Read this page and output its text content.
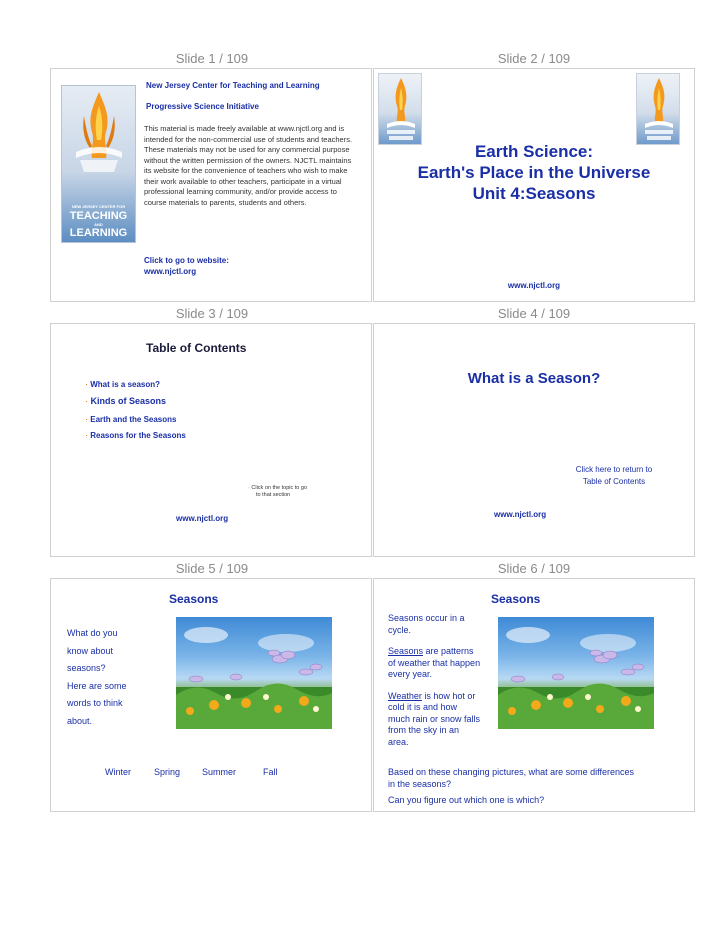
Slide 1 / 109	Slide 2 / 109
NEW JERSEY CENTER FOR
TEACHING
AND
LEARNING
New Jersey Center for Teaching and Learning
Progressive Science Initiative
This material is made freely available at www.njctl.org and is intended for the non-commercial use of students and teachers. These materials may not be used for any commercial purpose without the written permission of the owners. NJCTL maintains its website for the convenience of teachers who wish to make their work available to other teachers, participate in a virtual professional learning community, and/or provide access to course materials to parents, students and others.
Click to go to website:
www.njctl.org
Earth Science:
Earth's Place in the Universe
Unit 4:Seasons
www.njctl.org
Slide 3 / 109	Slide 4 / 109
Table of Contents
· What is a season?
· Kinds of Seasons
· Earth and the Seasons
· Reasons for the Seasons
· Click on the topic to go
to that section
www.njctl.org
What is a Season?
Click here to return to
Table of Contents
www.njctl.org
Slide 5 / 109	Slide 6 / 109
Seasons
What do you
know about
seasons?
Here are some
words to think
about.
Winter	Spring Summer	Fall
Seasons
Seasons occur in a
cycle.
Seasons are patterns
of weather that happen
every year.
Weather is how hot or
cold it is and how
much rain or snow falls
from the sky in an
area.
Based on these changing pictures, what are some differences
in the seasons?
Can you figure out which one is which?
